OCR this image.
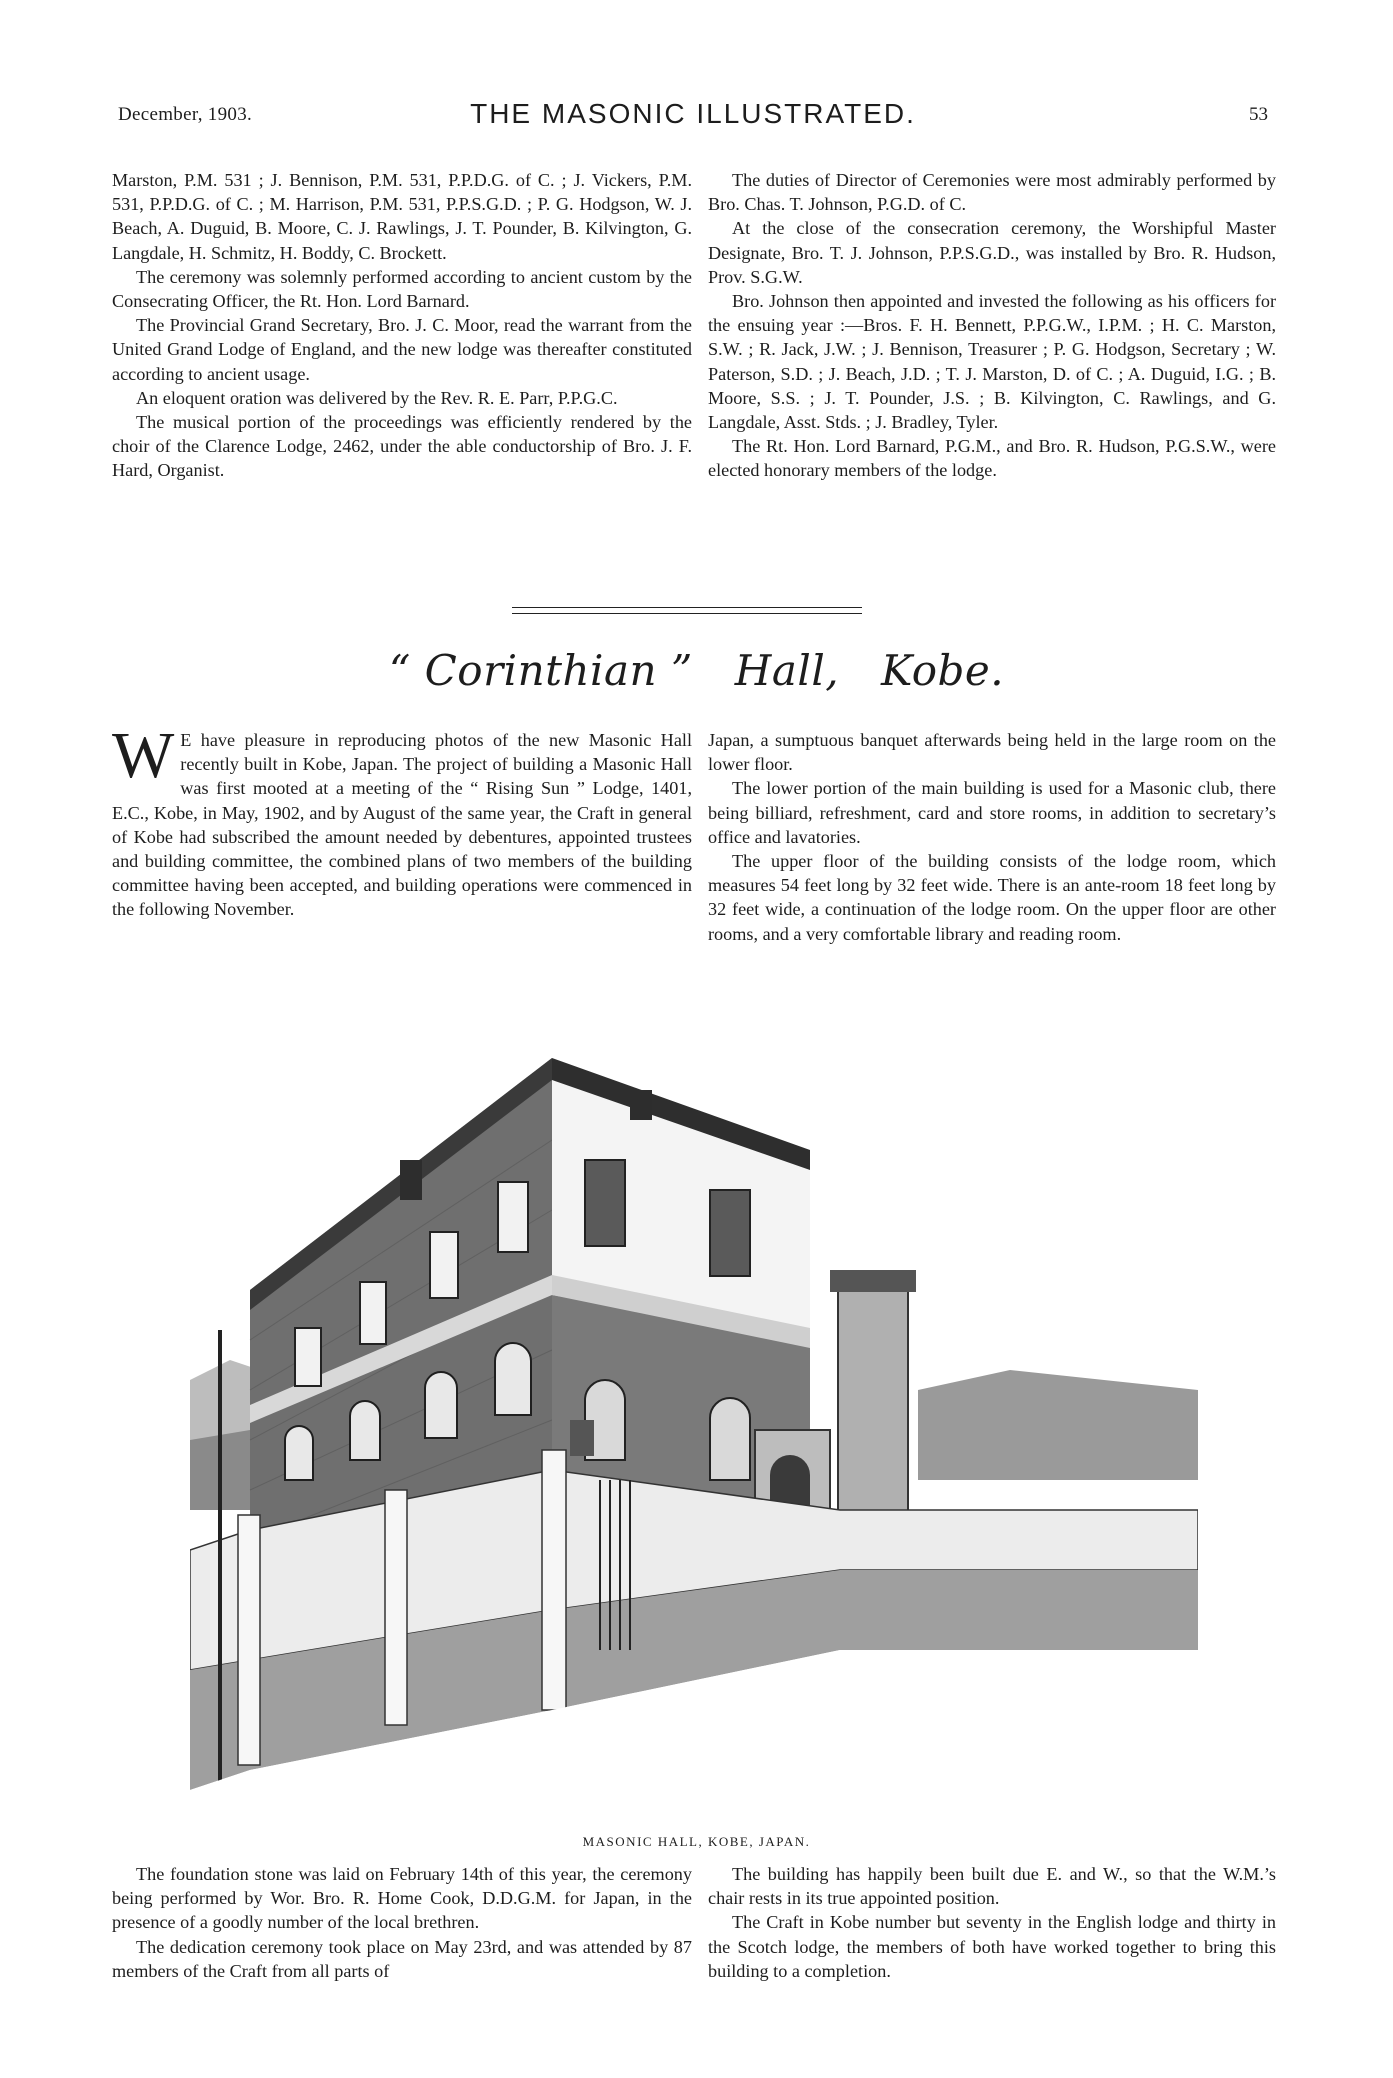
December, 1903.	THE MASONIC ILLUSTRATED.	53

Marston, P.M. 531 ; J. Bennison, P.M. 531, P.P.D.G. of C. ; J. Vickers, P.M. 531, P.P.D.G. of C. ; M. Harrison, P.M. 531, P.P.S.G.D. ; P. G. Hodgson, W. J. Beach, A. Duguid, B. Moore, C. J. Rawlings, J. T. Pounder, B. Kilvington, G. Langdale, H. Schmitz, H. Boddy, C. Brockett.

The ceremony was solemnly performed according to ancient custom by the Consecrating Officer, the Rt. Hon. Lord Barnard.

The Provincial Grand Secretary, Bro. J. C. Moor, read the warrant from the United Grand Lodge of England, and the new lodge was thereafter constituted according to ancient usage.

An eloquent oration was delivered by the Rev. R. E. Parr, P.P.G.C.

The musical portion of the proceedings was efficiently rendered by the choir of the Clarence Lodge, 2462, under the able conductorship of Bro. J. F. Hard, Organist.

The duties of Director of Ceremonies were most admirably performed by Bro. Chas. T. Johnson, P.G.D. of C.

At the close of the consecration ceremony, the Worshipful Master Designate, Bro. T. J. Johnson, P.P.S.G.D., was installed by Bro. R. Hudson, Prov. S.G.W.

Bro. Johnson then appointed and invested the following as his officers for the ensuing year :—Bros. F. H. Bennett, P.P.G.W., I.P.M. ; H. C. Marston, S.W. ; R. Jack, J.W. ; J. Bennison, Treasurer ; P. G. Hodgson, Secretary ; W. Paterson, S.D. ; J. Beach, J.D. ; T. J. Marston, D. of C. ; A. Duguid, I.G. ; B. Moore, S.S. ; J. T. Pounder, J.S. ; B. Kilvington, C. Rawlings, and G. Langdale, Asst. Stds. ; J. Bradley, Tyler.

The Rt. Hon. Lord Barnard, P.G.M., and Bro. R. Hudson, P.G.S.W., were elected honorary members of the lodge.

“ Corinthian ” Hall, Kobe.
W E have pleasure in reproducing photos of the new Masonic Hall recently built in Kobe, Japan. The project of building a Masonic Hall was first mooted at a meeting of the “ Rising Sun ” Lodge, 1401, E.C., Kobe, in May, 1902, and by August of the same year, the Craft in general of Kobe had subscribed the amount needed by debentures, appointed trustees and building committee, the combined plans of two members of the building committee having been accepted, and building operations were commenced in the following November.

Japan, a sumptuous banquet afterwards being held in the large room on the lower floor.

The lower portion of the main building is used for a Masonic club, there being billiard, refreshment, card and store rooms, in addition to secretary’s office and lavatories.

The upper floor of the building consists of the lodge room, which measures 54 feet long by 32 feet wide. There is an ante-room 18 feet long by 32 feet wide, a continuation of the lodge room. On the upper floor are other rooms, and a very comfortable library and reading room.

MASONIC HALL, KOBE, JAPAN.

The foundation stone was laid on February 14th of this year, the ceremony being performed by Wor. Bro. R. Home Cook, D.D.G.M. for Japan, in the presence of a goodly number of the local brethren.

The dedication ceremony took place on May 23rd, and was attended by 87 members of the Craft from all parts of

The building has happily been built due E. and W., so that the W.M.’s chair rests in its true appointed position.

The Craft in Kobe number but seventy in the English lodge and thirty in the Scotch lodge, the members of both have worked together to bring this building to a completion.
